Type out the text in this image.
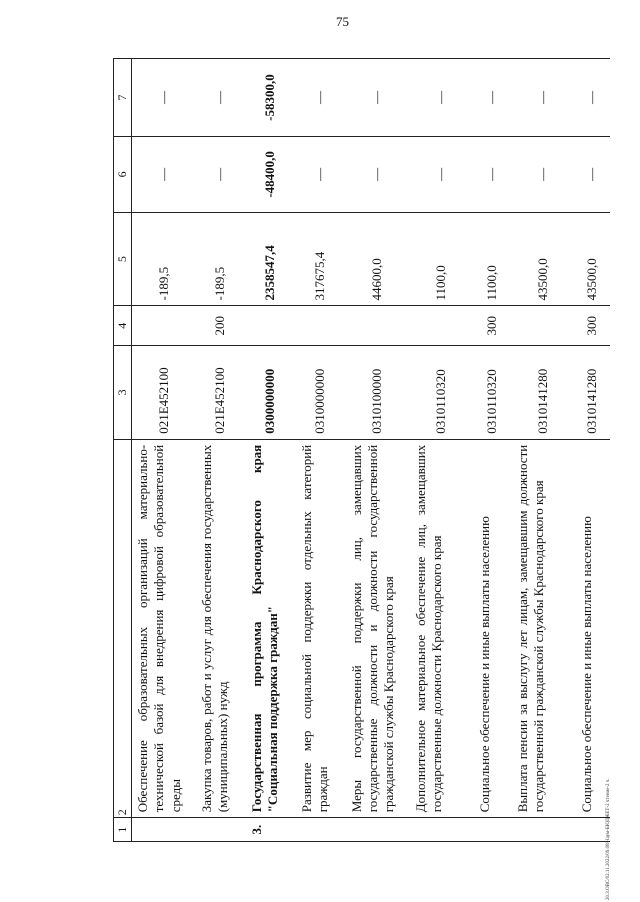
75
1	2	3	4	5	6	7
	Обеспечение образовательных организаций материально-технической базой для внедрения цифровой образовательной среды	021E452100		-189,5	—	—
	Закупка товаров, работ и услуг для обеспечения государственных (муниципальных) нужд	021E452100	200	-189,5	—	—
3.	Государственная программа Краснодарского края "Социальная поддержка граждан"	0300000000		2358547,4	-48400,0	-58300,0
	Развитие мер социальной поддержки отдельных категорий граждан	0310000000		317675,4	—	—
	Меры государственной поддержки лиц, замещавших государственные должности и должности государственной гражданской службы Краснодарского края	0310100000		44600,0	—	—
	Дополнительное материальное обеспечение лиц, замещавших государственные должности Краснодарского края	0310110320		1100,0	—	—
	Социальное обеспечение и иные выплаты населению	0310110320	300	1100,0	—	—
	Выплата пенсии за выслугу лет лицам, замещавшим должности государственной гражданской службы Краснодарского края	0310141280		43500,0	—	—
	Социальное обеспечение и иные выплаты населению	0310141280	300	43500,0	—	—
20.3.ОВС/02.11.2022/09.08/Наум-БЮДЖЕТ-2 чтение-2 ч.
